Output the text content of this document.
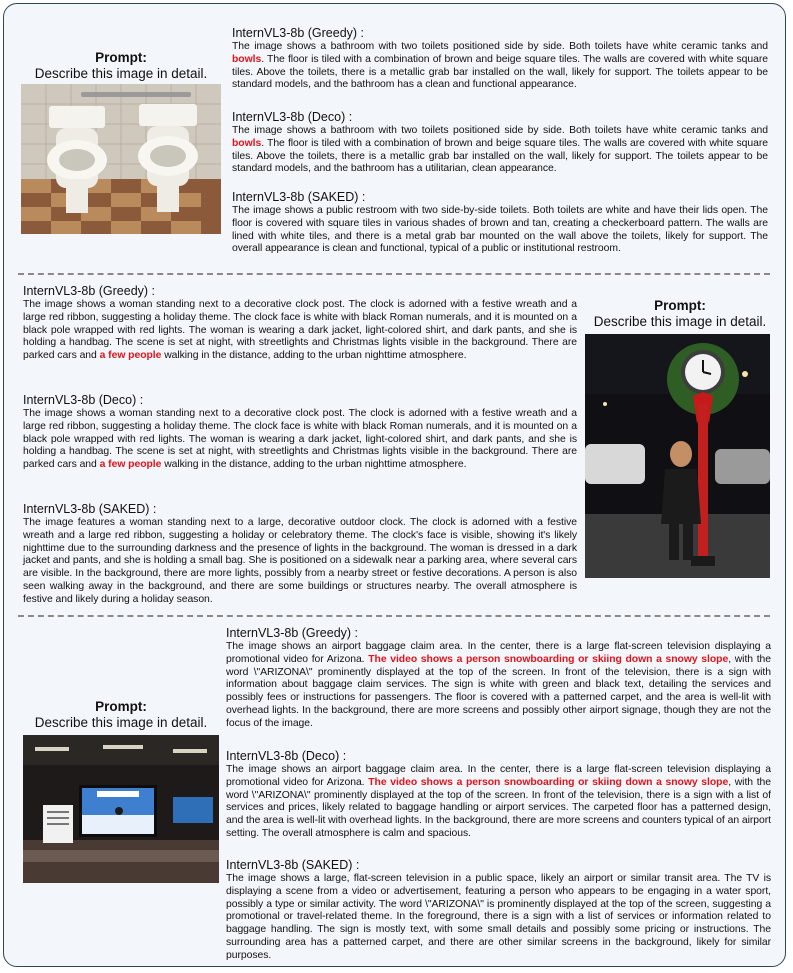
Prompt:
Describe this image in detail.
InternVL3-8b (Greedy) :

The image shows a bathroom with two toilets positioned side by side. Both toilets have white ceramic tanks and bowls. The floor is tiled with a combination of brown and beige square tiles. The walls are covered with white square tiles. Above the toilets, there is a metallic grab bar installed on the wall, likely for support. The toilets appear to be standard models, and the bathroom has a clean and functional appearance.

InternVL3-8b (Deco) :

The image shows a bathroom with two toilets positioned side by side. Both toilets have white ceramic tanks and bowls. The floor is tiled with a combination of brown and beige square tiles. The walls are covered with white square tiles. Above the toilets, there is a metallic grab bar installed on the wall, likely for support. The toilets appear to be standard models, and the bathroom has a utilitarian, clean appearance.

InternVL3-8b (SAKED) :

The image shows a public restroom with two side-by-side toilets. Both toilets are white and have their lids open. The floor is covered with square tiles in various shades of brown and tan, creating a checkerboard pattern. The walls are lined with white tiles, and there is a metal grab bar mounted on the wall above the toilets, likely for support. The overall appearance is clean and functional, typical of a public or institutional restroom.

InternVL3-8b (Greedy) :

The image shows a woman standing next to a decorative clock post. The clock is adorned with a festive wreath and a large red ribbon, suggesting a holiday theme. The clock face is white with black Roman numerals, and it is mounted on a black pole wrapped with red lights. The woman is wearing a dark jacket, light-colored shirt, and dark pants, and she is holding a handbag. The scene is set at night, with streetlights and Christmas lights visible in the background. There are parked cars and a few people walking in the distance, adding to the urban nighttime atmosphere.

InternVL3-8b (Deco) :

The image shows a woman standing next to a decorative clock post. The clock is adorned with a festive wreath and a large red ribbon, suggesting a holiday theme. The clock face is white with black Roman numerals, and it is mounted on a black pole wrapped with red lights. The woman is wearing a dark jacket, light-colored shirt, and dark pants, and she is holding a handbag. The scene is set at night, with streetlights and Christmas lights visible in the background. There are parked cars and a few people walking in the distance, adding to the urban nighttime atmosphere.

InternVL3-8b (SAKED) :

The image features a woman standing next to a large, decorative outdoor clock. The clock is adorned with a festive wreath and a large red ribbon, suggesting a holiday or celebratory theme. The clock's face is visible, showing it's likely nighttime due to the surrounding darkness and the presence of lights in the background. The woman is dressed in a dark jacket and pants, and she is holding a small bag. She is positioned on a sidewalk near a parking area, where several cars are visible. In the background, there are more lights, possibly from a nearby street or festive decorations. A person is also seen walking away in the background, and there are some buildings or structures nearby. The overall atmosphere is festive and likely during a holiday season.

Prompt:
Describe this image in detail.
Prompt:
Describe this image in detail.
InternVL3-8b (Greedy) :

The image shows an airport baggage claim area. In the center, there is a large flat-screen television displaying a promotional video for Arizona. The video shows a person snowboarding or skiing down a snowy slope, with the word \"ARIZONA\" prominently displayed at the top of the screen. In front of the television, there is a sign with information about baggage claim services. The sign is white with green and black text, detailing the services and possibly fees or instructions for passengers. The floor is covered with a patterned carpet, and the area is well-lit with overhead lights. In the background, there are more screens and possibly other airport signage, though they are not the focus of the image.

InternVL3-8b (Deco) :

The image shows an airport baggage claim area. In the center, there is a large flat-screen television displaying a promotional video for Arizona. The video shows a person snowboarding or skiing down a snowy slope, with the word \"ARIZONA\" prominently displayed at the top of the screen. In front of the television, there is a sign with a list of services and prices, likely related to baggage handling or airport services. The carpeted floor has a patterned design, and the area is well-lit with overhead lights. In the background, there are more screens and counters typical of an airport setting. The overall atmosphere is calm and spacious.

InternVL3-8b (SAKED) :

The image shows a large, flat-screen television in a public space, likely an airport or similar transit area. The TV is displaying a scene from a video or advertisement, featuring a person who appears to be engaging in a water sport, possibly a type or similar activity. The word \"ARIZONA\" is prominently displayed at the top of the screen, suggesting a promotional or travel-related theme. In the foreground, there is a sign with a list of services or information related to baggage handling. The sign is mostly text, with some small details and possibly some pricing or instructions. The surrounding area has a patterned carpet, and there are other similar screens in the background, likely for similar purposes.
